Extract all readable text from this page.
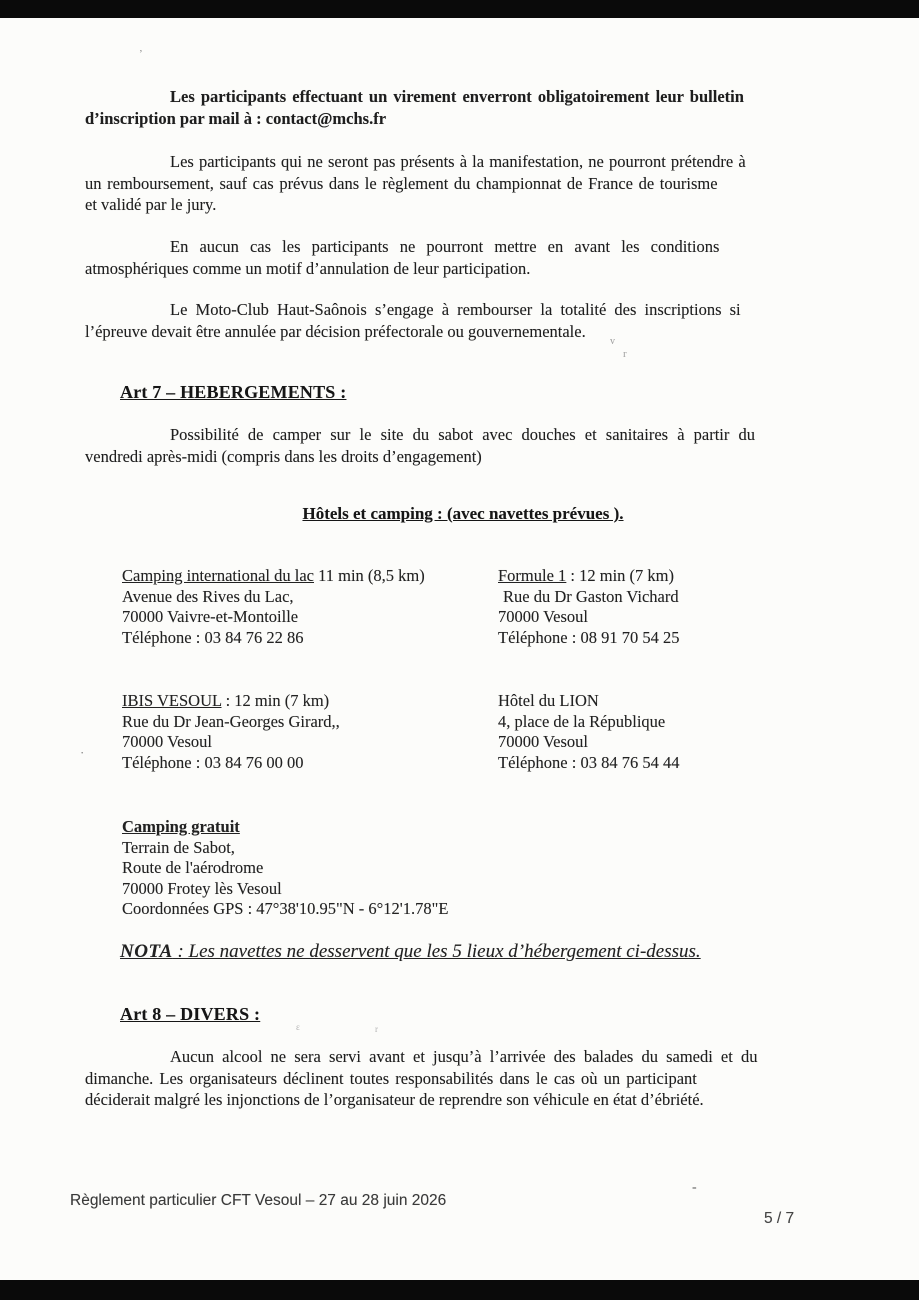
Les participants effectuant un virement enverront obligatoirement leur bulletin
d’inscription par mail à : contact@mchs.fr
Les participants qui ne seront pas présents à la manifestation, ne pourront prétendre à
un remboursement, sauf cas prévus dans le règlement du championnat de France de tourisme
et validé par le jury.
En aucun cas les participants ne pourront mettre en avant les conditions
atmosphériques comme un motif d’annulation de leur participation.
Le Moto-Club Haut-Saônois s’engage à rembourser la totalité des inscriptions si
l’épreuve devait être annulée par décision préfectorale ou gouvernementale.
Art 7 – HEBERGEMENTS :
Possibilité de camper sur le site du sabot avec douches et sanitaires à partir du
vendredi après-midi (compris dans les droits d’engagement)
Hôtels et camping : (avec navettes prévues ).
Camping international du lac 11 min (8,5 km)
Avenue des Rives du Lac,
70000 Vaivre-et-Montoille
Téléphone : 03 84 76 22 86
Formule 1 : 12 min (7 km)
Rue du Dr Gaston Vichard
70000 Vesoul
Téléphone : 08 91 70 54 25
IBIS VESOUL : 12 min (7 km)
Rue du Dr Jean-Georges Girard,,
70000 Vesoul
Téléphone : 03 84 76 00 00
Hôtel du LION
4, place de la République
70000 Vesoul
Téléphone : 03 84 76 54 44
Camping gratuit
Terrain de Sabot,
Route de l'aérodrome
70000 Frotey lès Vesoul
Coordonnées GPS : 47°38'10.95"N - 6°12'1.78"E
NOTA : Les navettes ne desservent que les 5 lieux d’hébergement ci-dessus.
Art 8 – DIVERS :
Aucun alcool ne sera servi avant et jusqu’à l’arrivée des balades du samedi et du
dimanche. Les organisateurs déclinent toutes responsabilités dans le cas où un participant
déciderait malgré les injonctions de l’organisateur de reprendre son véhicule en état d’ébriété.
Règlement particulier CFT Vesoul – 27 au 28 juin 2026
5 / 7
’
v
r
·
ε	r
-
